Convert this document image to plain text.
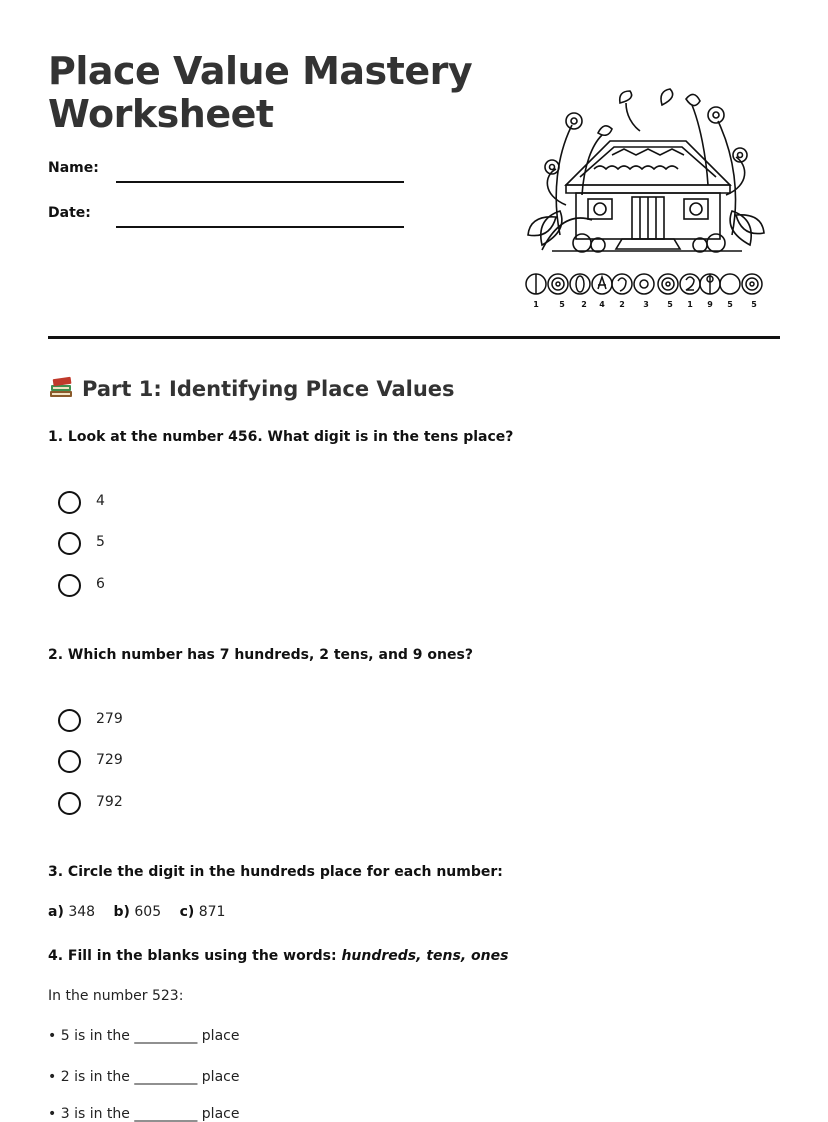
Place Value Mastery
Worksheet
Name:
Date:
1	5 2 4 2 3 5 1 9 5 5
Part 1: Identifying Place Values
1. Look at the number 456. What digit is in the tens place?
4
5
6
2. Which number has 7 hundreds, 2 tens, and 9 ones?
279
729
792
3. Circle the digit in the hundreds place for each number:
a) 348 b) 605 c) 871
4. Fill in the blanks using the words: hundreds, tens, ones
In the number 523:
• 5 is in the _________ place
• 2 is in the _________ place
• 3 is in the _________ place
